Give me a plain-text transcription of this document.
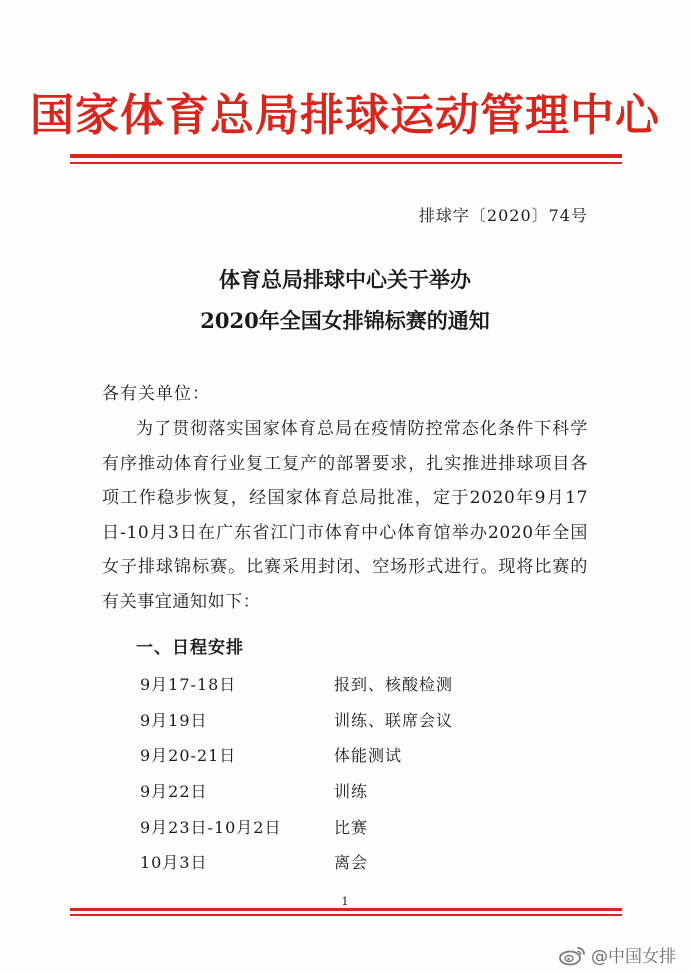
国家体育总局排球运动管理中心
排球字〔2020〕74号
体育总局排球中心关于举办
2020年全国女排锦标赛的通知
各有关单位：

为了贯彻落实国家体育总局在疫情防控常态化条件下科学有序推动体育行业复工复产的部署要求，扎实推进排球项目各项工作稳步恢复，经国家体育总局批准，定于2020年9月17日-10月3日在广东省江门市体育中心体育馆举办2020年全国女子排球锦标赛。比赛采用封闭、空场形式进行。现将比赛的有关事宜通知如下：

一、日程安排
9月17-18日	报到、核酸检测
9月19日	训练、联席会议
9月20-21日	体能测试
9月22日	训练
9月23日-10月2日	比赛
10月3日	离会
1
@中国女排
